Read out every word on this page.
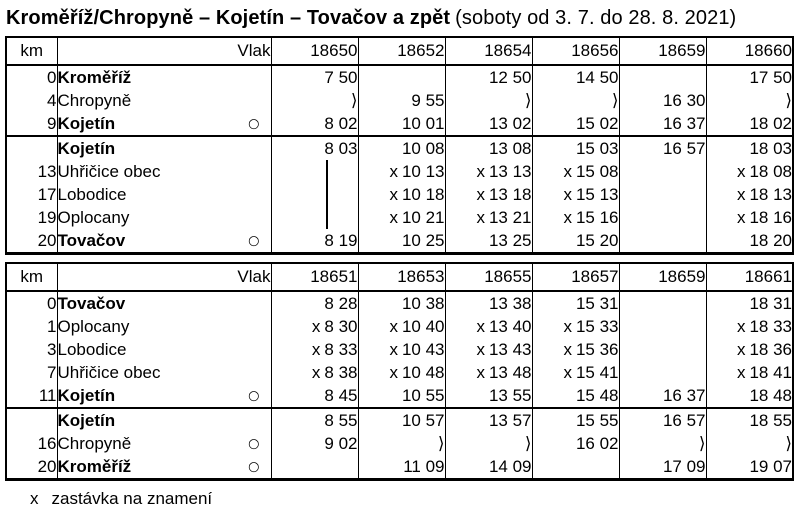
Kroměříž/Chropyně – Kojetín – Tovačov a zpět (soboty od 3. 7. do 28. 8. 2021)
km	Vlak	18650	18652	18654	18656	18659	18660
0	Kroměříž	7 50		12 50	14 50		17 50
4	Chropyně	⟩	9 55	⟩	⟩	16 30	⟩
9	Kojetín ○	8 02	10 01	13 02	15 02	16 37	18 02
	Kojetín	8 03	10 08	13 08	15 03	16 57	18 03
13	Uhřičice obec		x 10 13	x 13 13	x 15 08		x 18 08
17	Lobodice		x 10 18	x 13 18	x 15 13		x 18 13
19	Oplocany		x 10 21	x 13 21	x 15 16		x 18 16
20	Tovačov ○	8 19	10 25	13 25	15 20		18 20
km	Vlak	18651	18653	18655	18657	18659	18661
0	Tovačov	8 28	10 38	13 38	15 31		18 31
1	Oplocany	x 8 30	x 10 40	x 13 40	x 15 33		x 18 33
3	Lobodice	x 8 33	x 10 43	x 13 43	x 15 36		x 18 36
7	Uhřičice obec	x 8 38	x 10 48	x 13 48	x 15 41		x 18 41
11	Kojetín ○	8 45	10 55	13 55	15 48	16 37	18 48
	Kojetín	8 55	10 57	13 57	15 55	16 57	18 55
16	Chropyně ○	9 02	⟩	⟩	16 02	⟩	⟩
20	Kroměříž ○		11 09	14 09		17 09	19 07
x zastávka na znamení
